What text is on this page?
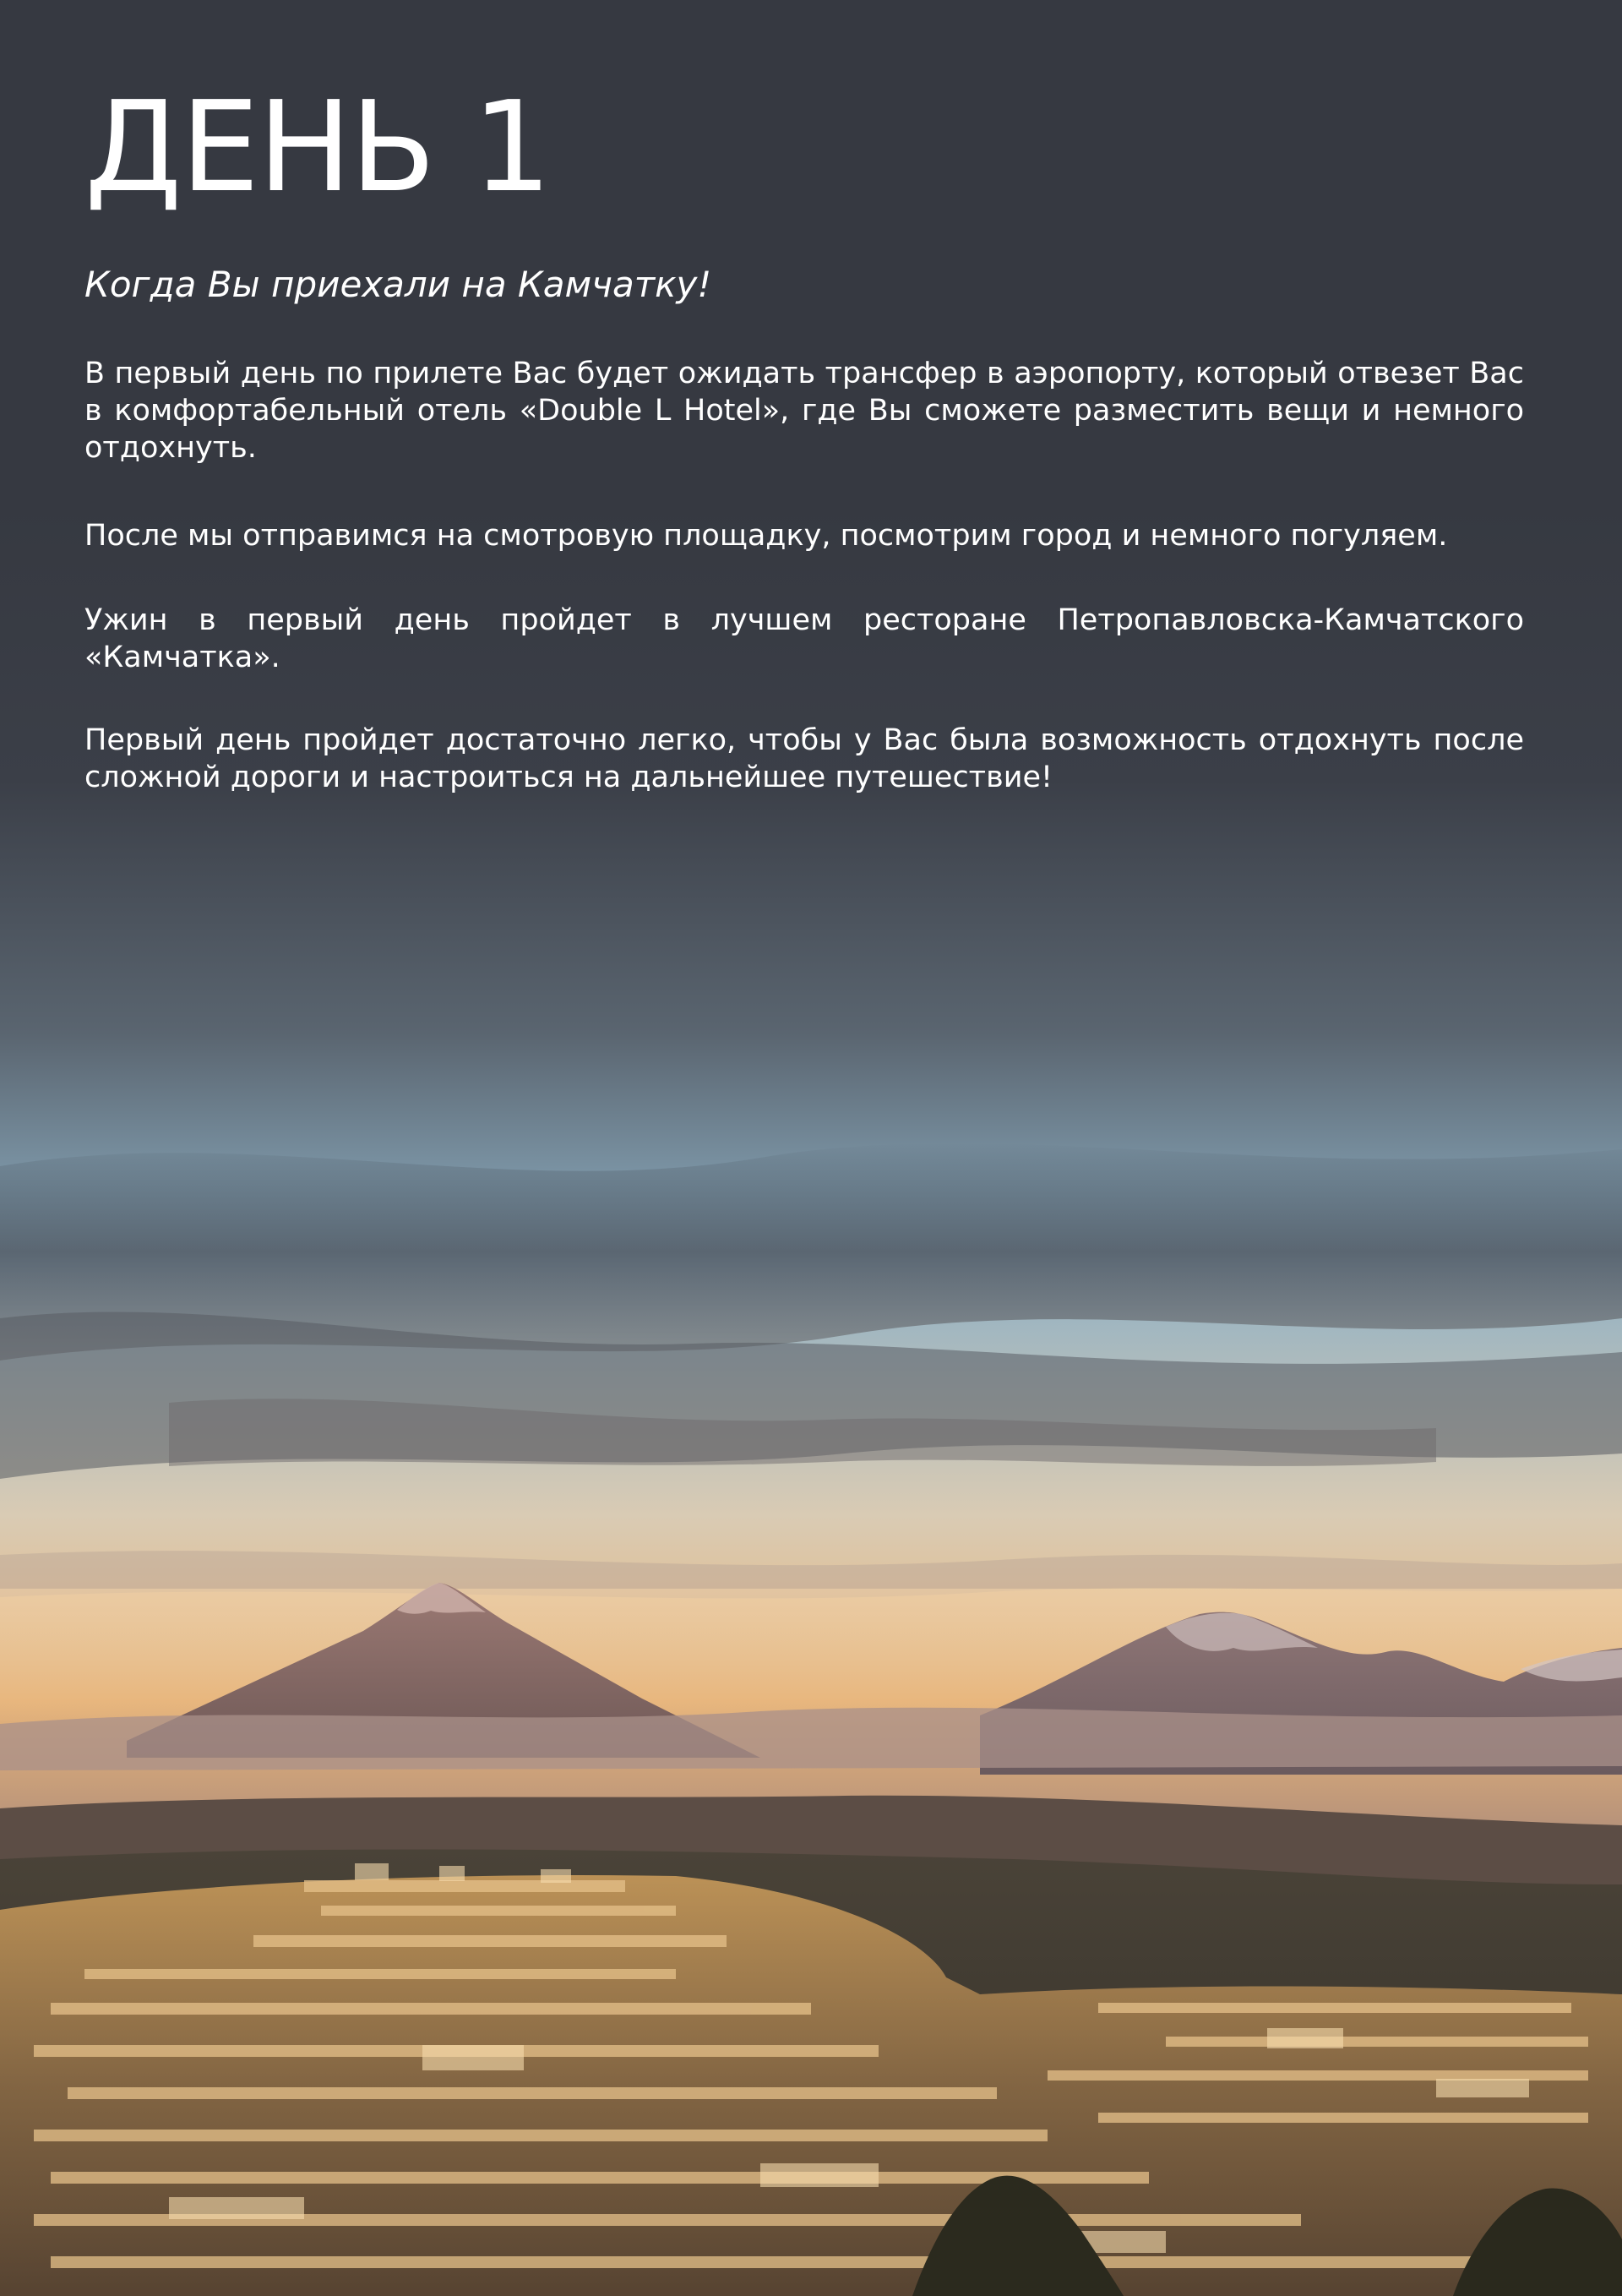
ДЕНЬ 1

Когда Вы приехали на Камчатку!

В первый день по прилете Вас будет ожидать трансфер в аэропорту, который отвезет Вас в комфортабельный отель «Double L Hotel», где Вы сможете разместить вещи и немного отдохнуть.

После мы отправимся на смотровую площадку, посмотрим город и немного погуляем.

Ужин в первый день пройдет в лучшем ресторане Петропавловска-Камчатского «Камчатка».

Первый день пройдет достаточно легко, чтобы у Вас была возможность отдохнуть после сложной дороги и настроиться на дальнейшее путешествие!
